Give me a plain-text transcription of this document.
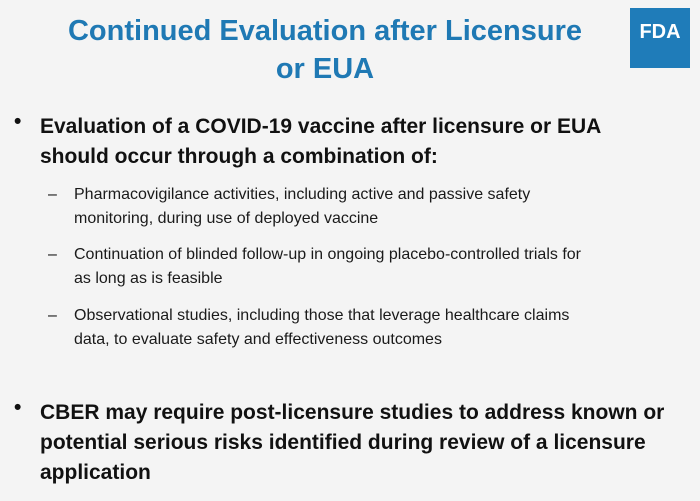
Continued Evaluation after Licensure
or EUA
FDA
• Evaluation of a COVID-19 vaccine after licensure or EUA
should occur through a combination of:
– Pharmacovigilance activities, including active and passive safety
monitoring, during use of deployed vaccine
– Continuation of blinded follow-up in ongoing placebo-controlled trials for
as long as is feasible
– Observational studies, including those that leverage healthcare claims
data, to evaluate safety and effectiveness outcomes
• CBER may require post-licensure studies to address known or
potential serious risks identified during review of a licensure
application
